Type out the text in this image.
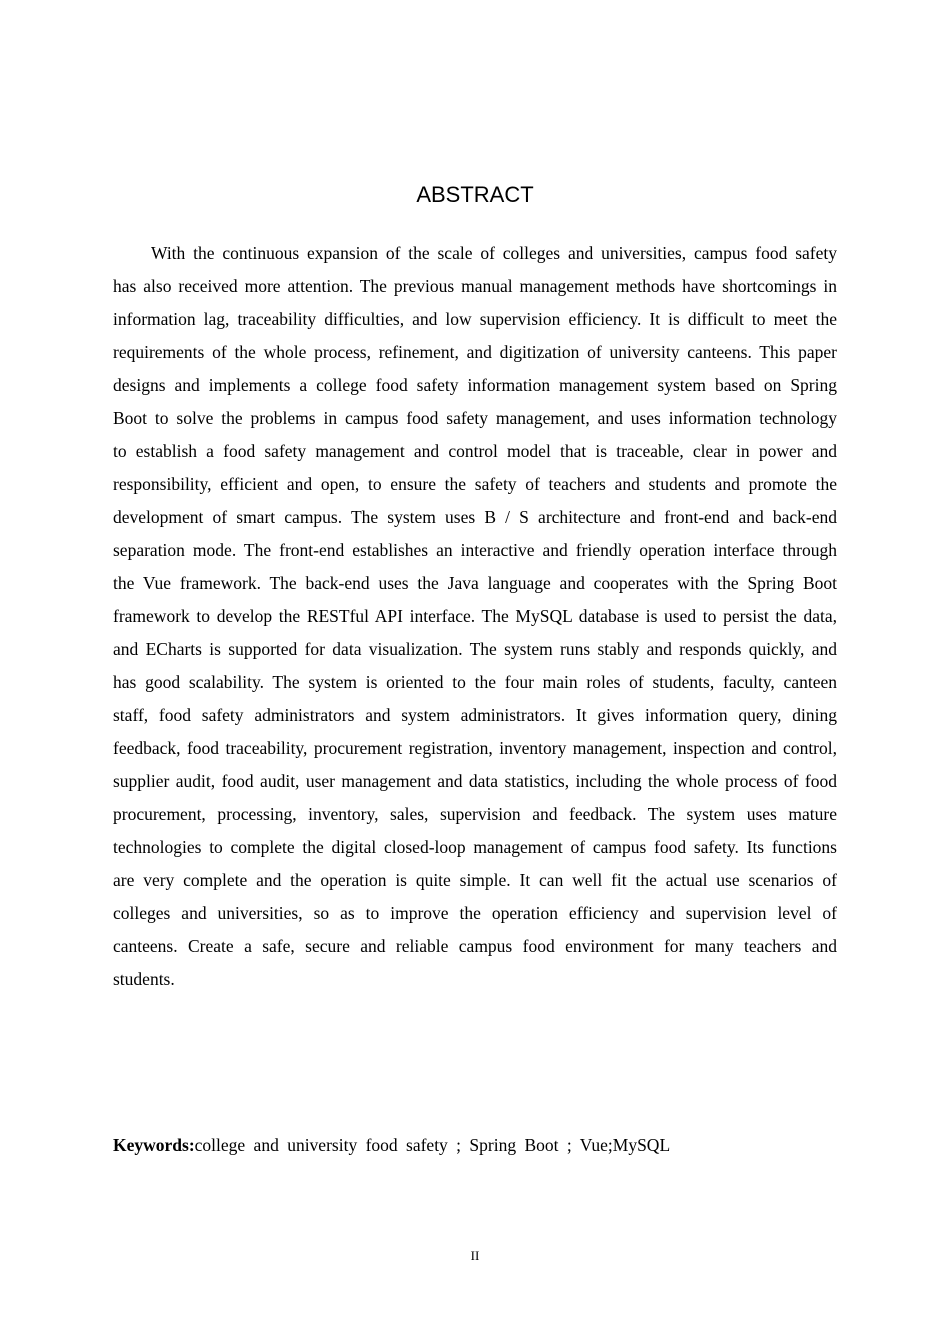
ABSTRACT

With the continuous expansion of the scale of colleges and universities, campus food safety has also received more attention. The previous manual management methods have shortcomings in information lag, traceability difficulties, and low supervision efficiency. It is difficult to meet the requirements of the whole process, refinement, and digitization of university canteens. This paper designs and implements a college food safety information management system based on Spring Boot to solve the problems in campus food safety management, and uses information technology to establish a food safety management and control model that is traceable, clear in power and responsibility, efficient and open, to ensure the safety of teachers and students and promote the development of smart campus. The system uses B / S architecture and front-end and back-end separation mode. The front-end establishes an interactive and friendly operation interface through the Vue framework. The back-end uses the Java language and cooperates with the Spring Boot framework to develop the RESTful API interface. The MySQL database is used to persist the data, and ECharts is supported for data visualization. The system runs stably and responds quickly, and has good scalability. The system is oriented to the four main roles of students, faculty, canteen staff, food safety administrators and system administrators. It gives information query, dining feedback, food traceability, procurement registration, inventory management, inspection and control, supplier audit, food audit, user management and data statistics, including the whole process of food procurement, processing, inventory, sales, supervision and feedback. The system uses mature technologies to complete the digital closed-loop management of campus food safety. Its functions are very complete and the operation is quite simple. It can well fit the actual use scenarios of colleges and universities, so as to improve the operation efficiency and supervision level of canteens. Create a safe, secure and reliable campus food environment for many teachers and students.

Keywords:college and university food safety ; Spring Boot ; Vue;MySQL

II
